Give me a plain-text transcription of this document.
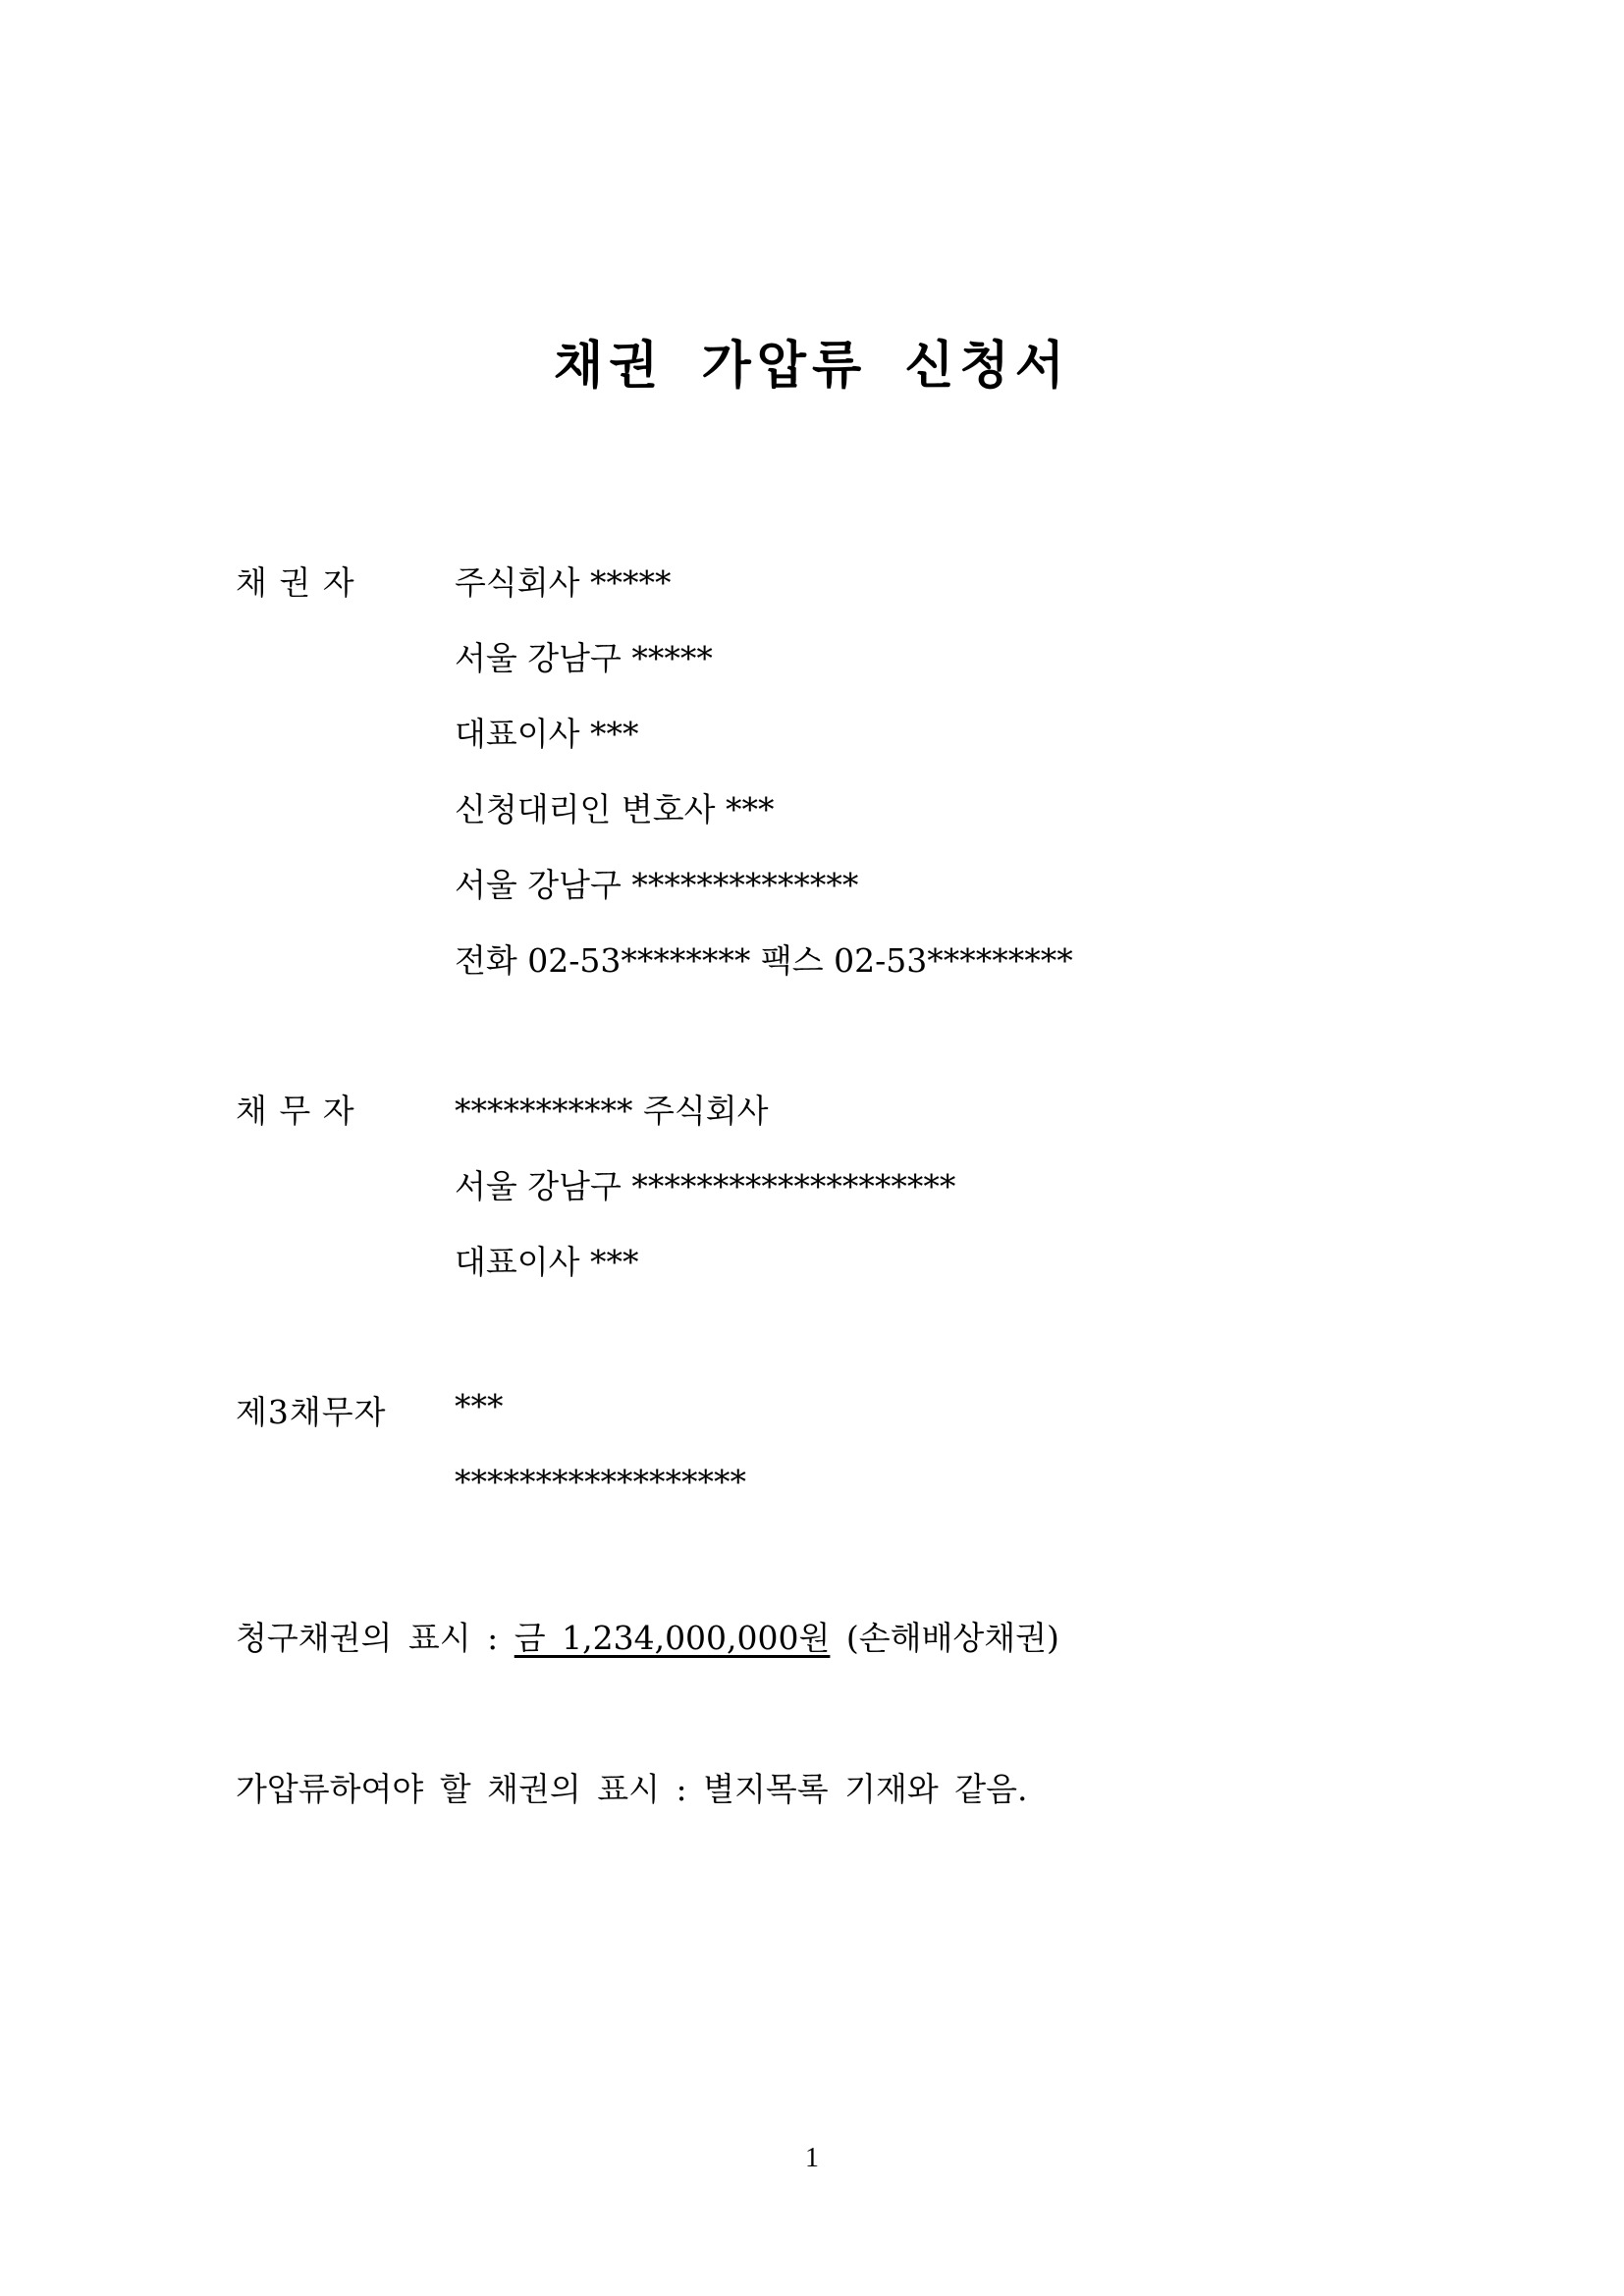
채권 가압류 신청서
채 권 자	주식회사 *****
서울 강남구 *****
대표이사 ***
신청대리인 변호사 ***
서울 강남구 **************
전화 02-53******** 팩스 02-53*********
채 무 자	*********** 주식회사
서울 강남구 ********************
대표이사 ***
제3채무자 ***
******************
청구채권의 표시 : 금 1,234,000,000원 (손해배상채권)
가압류하여야 할 채권의 표시 : 별지목록 기재와 같음.
1
